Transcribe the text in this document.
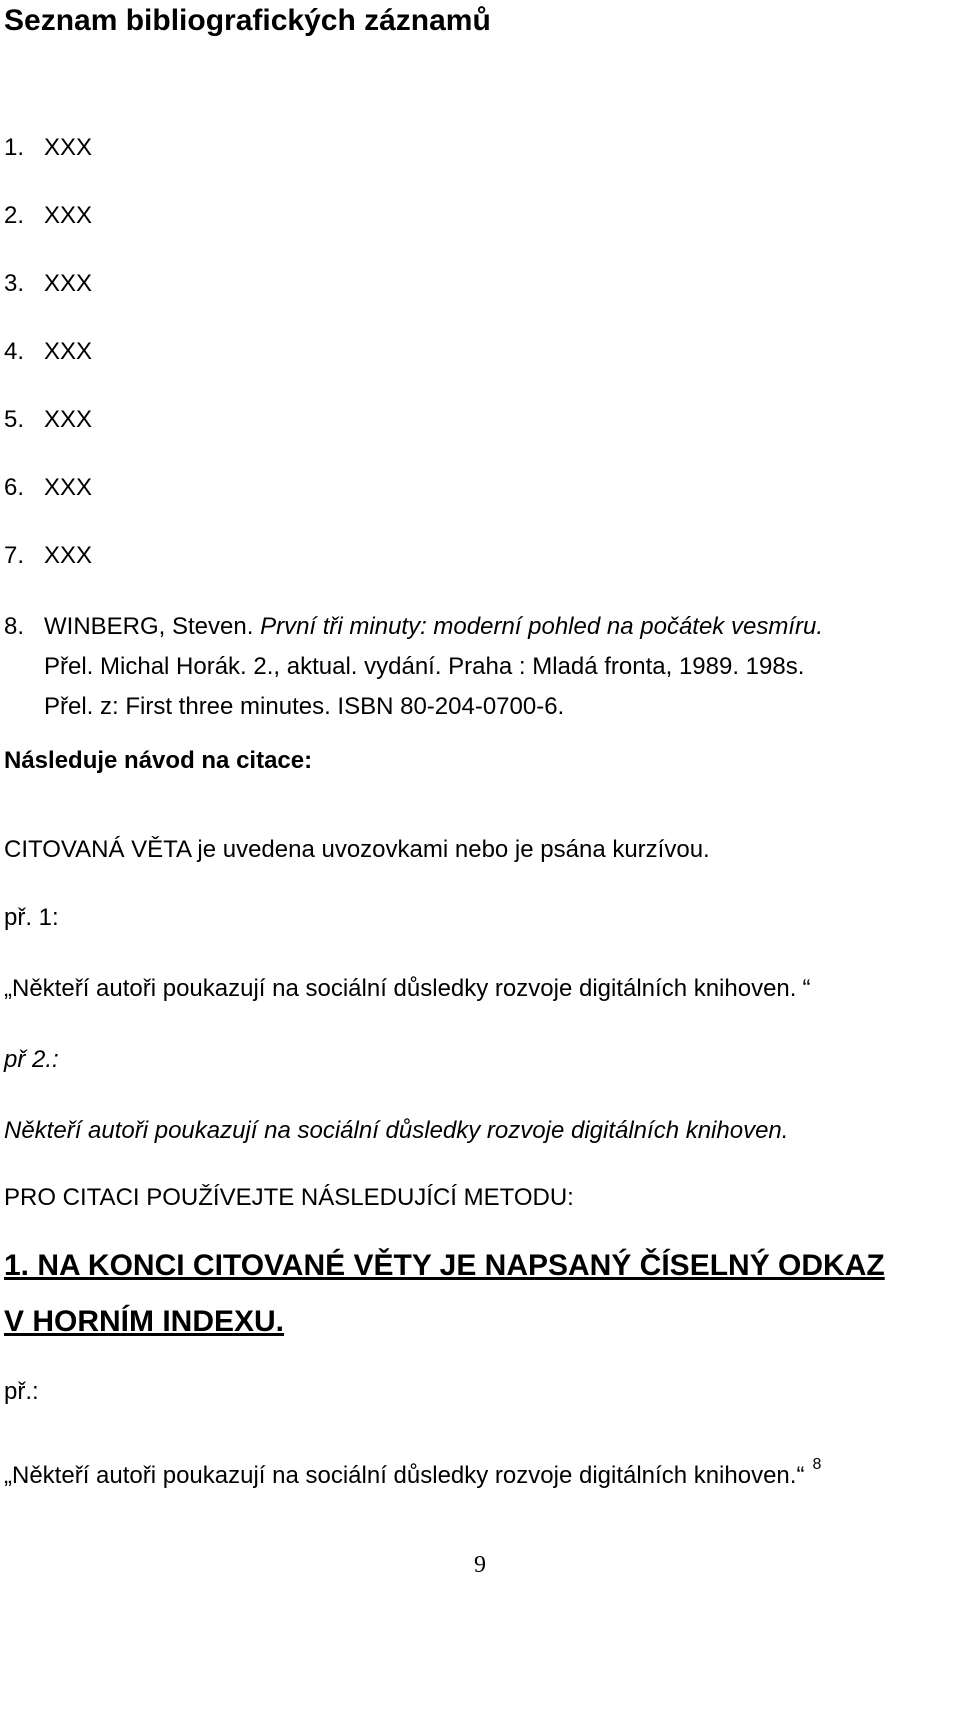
Seznam bibliografických záznamů
1. XXX
2. XXX
3. XXX
4. XXX
5. XXX
6. XXX
7. XXX
8. WINBERG, Steven. První tři minuty: moderní pohled na počátek vesmíru.
Přel. Michal Horák. 2., aktual. vydání. Praha : Mladá fronta, 1989. 198s.
Přel. z: First three minutes. ISBN 80-204-0700-6.
Následuje návod na citace:
CITOVANÁ VĚTA je uvedena uvozovkami nebo je psána kurzívou.
př. 1:
„Někteří autoři poukazují na sociální důsledky rozvoje digitálních knihoven. “
př 2.:
Někteří autoři poukazují na sociální důsledky rozvoje digitálních knihoven.
PRO CITACI POUŽÍVEJTE NÁSLEDUJÍCÍ METODU:
1. NA KONCI CITOVANÉ VĚTY JE NAPSANÝ ČÍSELNÝ ODKAZ
V HORNÍM INDEXU.
př.:
„Někteří autoři poukazují na sociální důsledky rozvoje digitálních knihoven.“ $^8$
9
